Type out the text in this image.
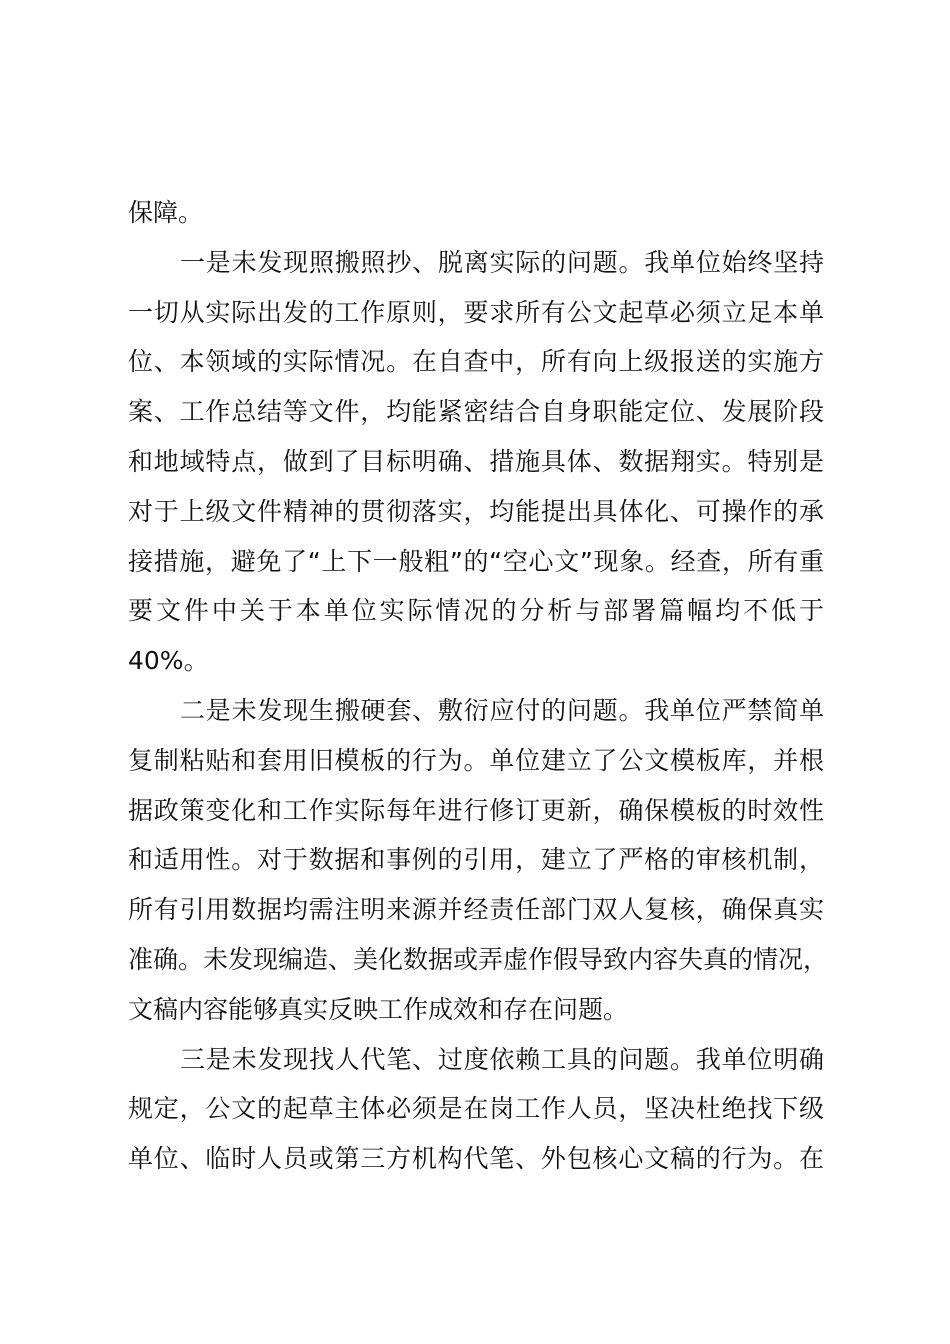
保障。
一是未发现照搬照抄、脱离实际的问题。我单位始终坚持
一切从实际出发的工作原则，要求所有公文起草必须立足本单
位、本领域的实际情况。在自查中，所有向上级报送的实施方
案、工作总结等文件，均能紧密结合自身职能定位、发展阶段
和地域特点，做到了目标明确、措施具体、数据翔实。特别是
对于上级文件精神的贯彻落实，均能提出具体化、可操作的承
接措施，避免了“上下一般粗”的“空心文”现象。经查，所有重
要文件中关于本单位实际情况的分析与部署篇幅均不低于
40%。
二是未发现生搬硬套、敷衍应付的问题。我单位严禁简单
复制粘贴和套用旧模板的行为。单位建立了公文模板库，并根
据政策变化和工作实际每年进行修订更新，确保模板的时效性
和适用性。对于数据和事例的引用，建立了严格的审核机制，
所有引用数据均需注明来源并经责任部门双人复核，确保真实
准确。未发现编造、美化数据或弄虚作假导致内容失真的情况，
文稿内容能够真实反映工作成效和存在问题。
三是未发现找人代笔、过度依赖工具的问题。我单位明确
规定，公文的起草主体必须是在岗工作人员，坚决杜绝找下级
单位、临时人员或第三方机构代笔、外包核心文稿的行为。在
